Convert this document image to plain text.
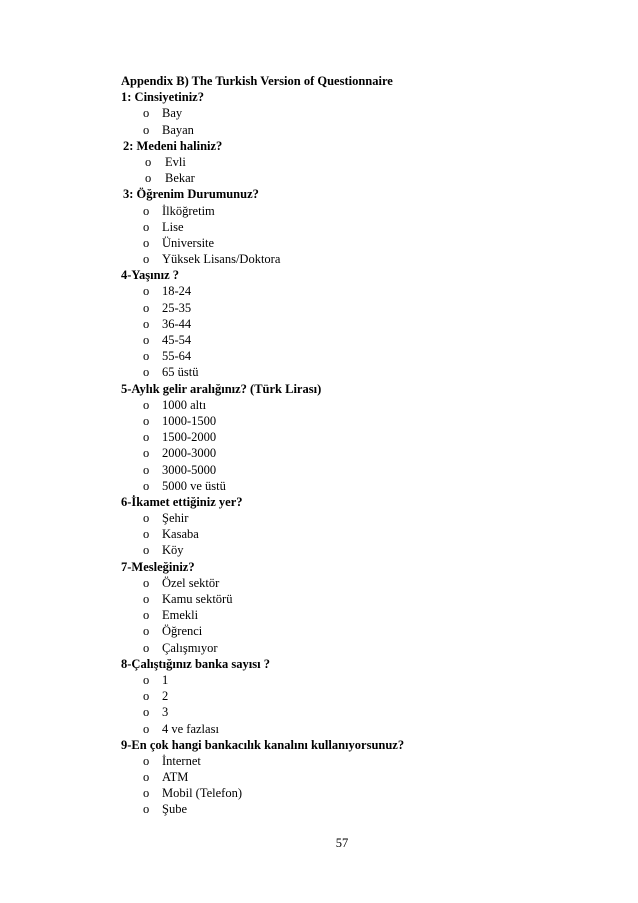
Appendix B) The Turkish Version of Questionnaire
1: Cinsiyetiniz?
o Bay
o Bayan
2: Medeni haliniz?
o Evli
o Bekar
3: Öğrenim Durumunuz?
o İlköğretim
o Lise
o Üniversite
o Yüksek Lisans/Doktora
4-Yaşınız ?
o 18-24
o 25-35
o 36-44
o 45-54
o 55-64
o 65 üstü
5-Aylık gelir aralığınız? (Türk Lirası)
o 1000 altı
o 1000-1500
o 1500-2000
o 2000-3000
o 3000-5000
o 5000 ve üstü
6-İkamet ettiğiniz yer?
o Şehir
o Kasaba
o Köy
7-Mesleğiniz?
o Özel sektör
o Kamu sektörü
o Emekli
o Öğrenci
o Çalışmıyor
8-Çalıştığınız banka sayısı ?
o 1
o 2
o 3
o 4 ve fazlası
9-En çok hangi bankacılık kanalını kullanıyorsunuz?
o İnternet
o ATM
o Mobil (Telefon)
o Şube
57
